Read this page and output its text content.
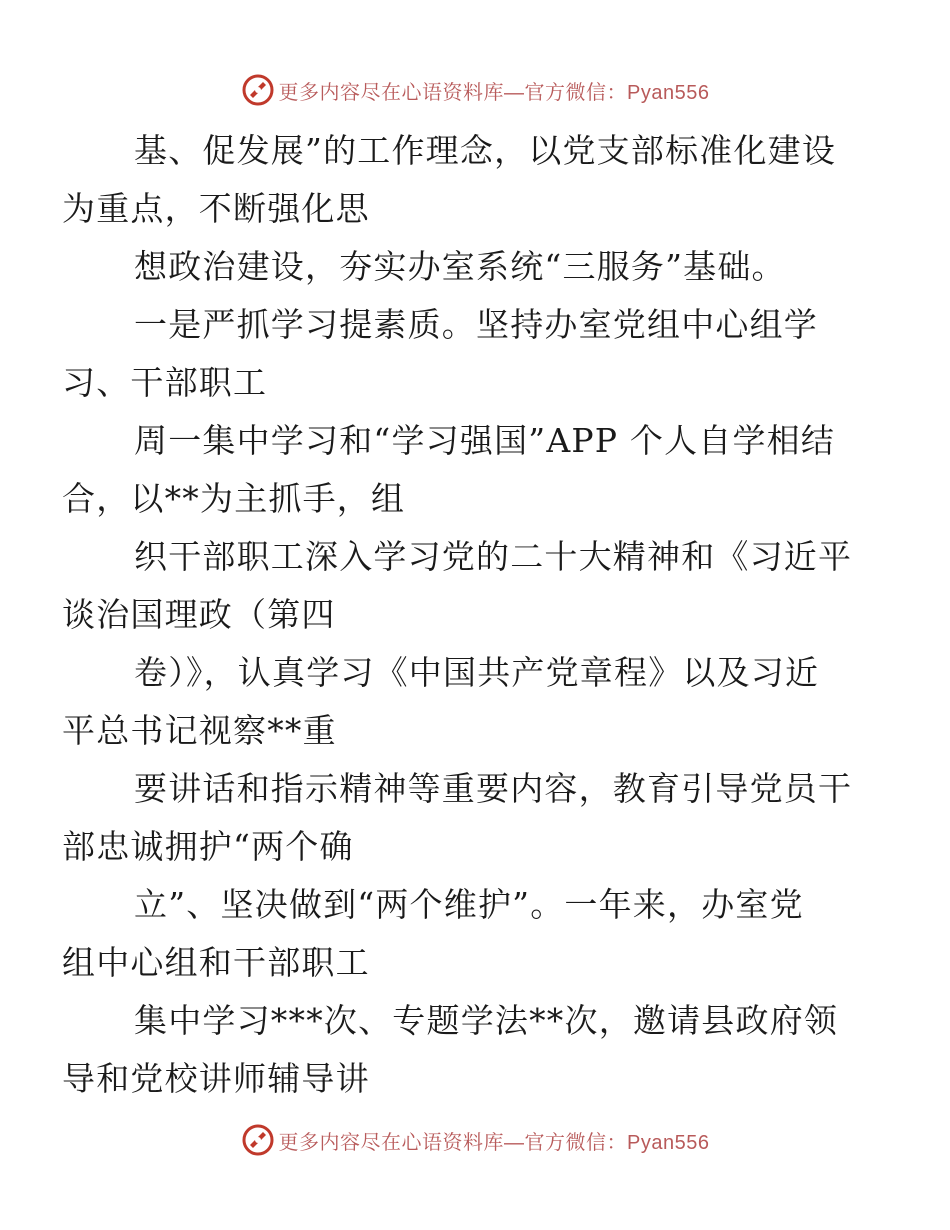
更多内容尽在心语资料库—官方微信：Pyan556

基、促发展”的工作理念，以党支部标准化建设
为重点，不断强化思

想政治建设，夯实办室系统“三服务”基础。

一是严抓学习提素质。坚持办室党组中心组学
习、干部职工

周一集中学习和“学习强国”APP 个人自学相结
合，以**为主抓手，组

织干部职工深入学习党的二十大精神和《习近平
谈治国理政（第四

卷）》，认真学习《中国共产党章程》以及习近
平总书记视察**重

要讲话和指示精神等重要内容，教育引导党员干
部忠诚拥护“两个确

立”、坚决做到“两个维护”。一年来，办室党
组中心组和干部职工

集中学习***次、专题学法**次，邀请县政府领
导和党校讲师辅导讲

更多内容尽在心语资料库—官方微信：Pyan556
